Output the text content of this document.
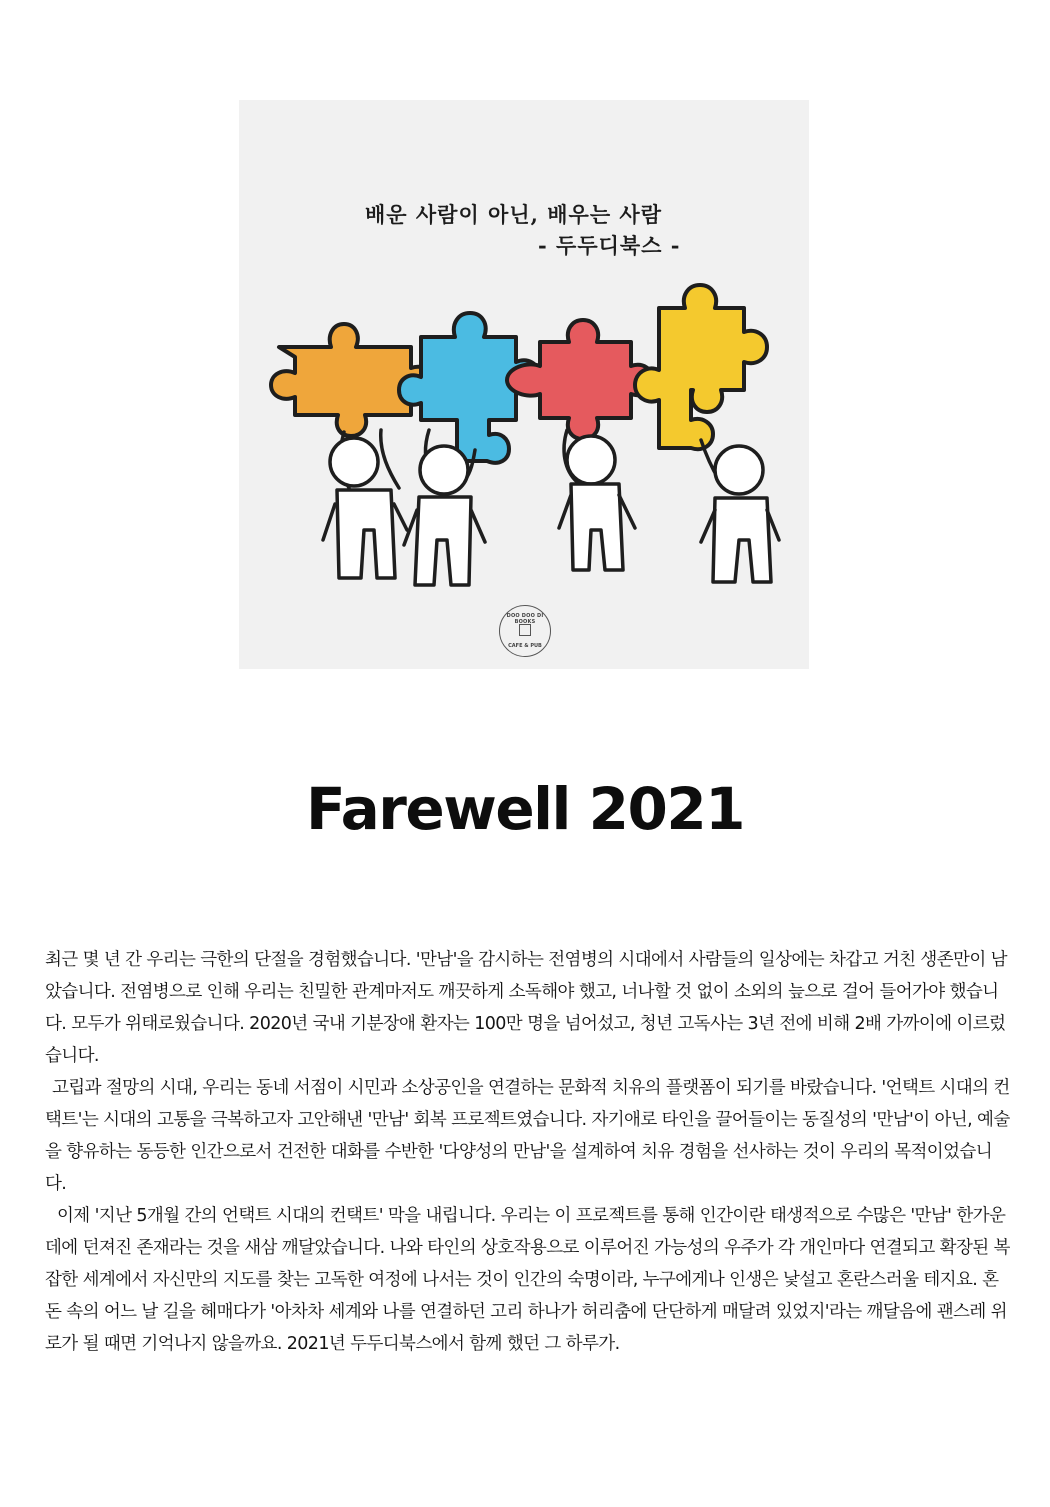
배운 사람이 아닌, 배우는 사람
- 두두디북스 -
DOO DOO DI BOOKS
CAFE & PUB
Farewell 2021

최근 몇 년 간 우리는 극한의 단절을 경험했습니다. '만남'을 감시하는 전염병의 시대에서 사람들의 일상에는 차갑고 거친 생존만이 남았습니다. 전염병으로 인해 우리는 친밀한 관계마저도 깨끗하게 소독해야 했고, 너나할 것 없이 소외의 늪으로 걸어 들어가야 했습니다. 모두가 위태로웠습니다. 2020년 국내 기분장애 환자는 100만 명을 넘어섰고, 청년 고독사는 3년 전에 비해 2배 가까이에 이르렀습니다.

고립과 절망의 시대, 우리는 동네 서점이 시민과 소상공인을 연결하는 문화적 치유의 플랫폼이 되기를 바랐습니다. '언택트 시대의 컨택트'는 시대의 고통을 극복하고자 고안해낸 '만남' 회복 프로젝트였습니다. 자기애로 타인을 끌어들이는 동질성의 '만남'이 아닌, 예술을 향유하는 동등한 인간으로서 건전한 대화를 수반한 '다양성의 만남'을 설계하여 치유 경험을 선사하는 것이 우리의 목적이었습니다.

이제 '지난 5개월 간의 언택트 시대의 컨택트' 막을 내립니다. 우리는 이 프로젝트를 통해 인간이란 태생적으로 수많은 '만남' 한가운데에 던져진 존재라는 것을 새삼 깨달았습니다. 나와 타인의 상호작용으로 이루어진 가능성의 우주가 각 개인마다 연결되고 확장된 복잡한 세계에서 자신만의 지도를 찾는 고독한 여정에 나서는 것이 인간의 숙명이라, 누구에게나 인생은 낯설고 혼란스러울 테지요. 혼돈 속의 어느 날 길을 헤매다가 '아차차 세계와 나를 연결하던 고리 하나가 허리춤에 단단하게 매달려 있었지'라는 깨달음에 괜스레 위로가 될 때면 기억나지 않을까요. 2021년 두두디북스에서 함께 했던 그 하루가.
